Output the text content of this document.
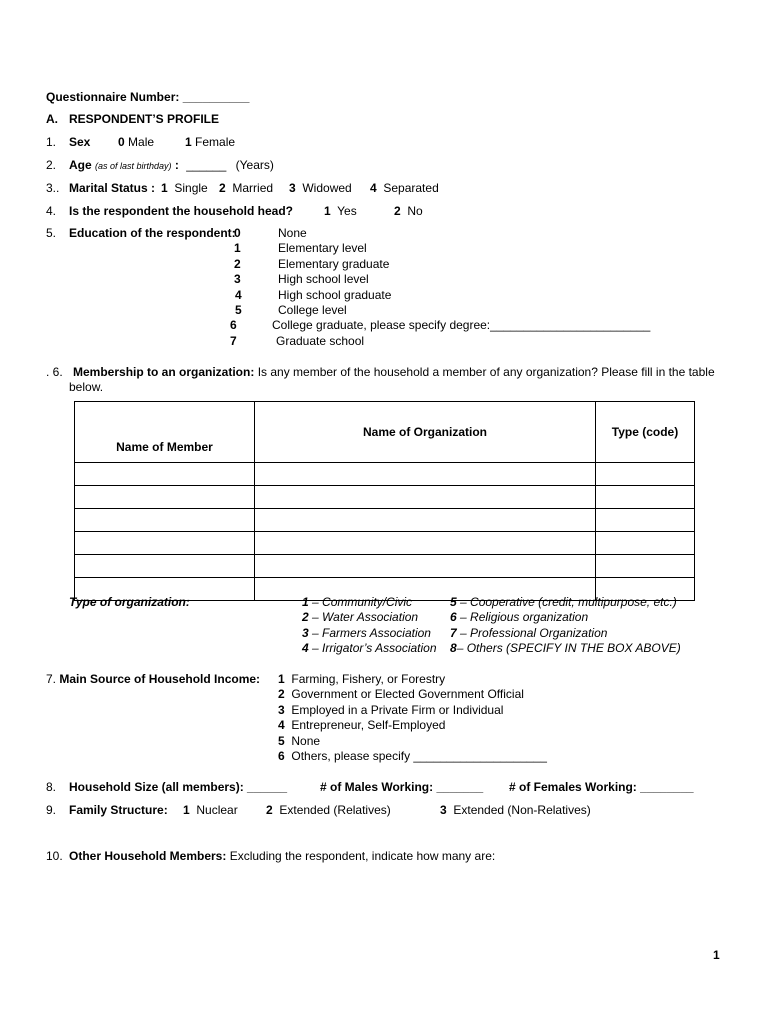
Questionnaire Number: __________
A. RESPONDENT’S PROFILE
1. Sex 0 Male	1 Female
2. Age (as of last birthday) : ______ (Years)
3.. Marital Status : 1 Single 2 Married 3 Widowed 4 Separated
4. Is the respondent the household head?	1 Yes	2 No
5. Education of the respondent:
0	None
1	Elementary level
2	Elementary graduate
3	High school level
4	High school graduate
5	College level
6	College graduate, please specify degree:________________________
7	Graduate school
. 6. Membership to an organization: Is any member of the household a member of any organization? Please fill in the table
below.
Name of Member	Name of Organization	Type (code)

Type of organization:	1 – Community/Civic
2 – Water Association
3 – Farmers Association
4 – Irrigator’s Association
5 – Cooperative (credit, multipurpose, etc.)
6 – Religious organization
7 – Professional Organization
8– Others (SPECIFY IN THE BOX ABOVE)
7. Main Source of Household Income: 1 Farming, Fishery, or Forestry
2 Government or Elected Government Official
3 Employed in a Private Firm or Individual
4 Entrepreneur, Self-Employed
5 None
6 Others, please specify ____________________
8. Household Size (all members): ______	# of Males Working: _______ # of Females Working: ________
9. Family Structure: 1 Nuclear 2 Extended (Relatives)	3 Extended (Non-Relatives)
10. Other Household Members: Excluding the respondent, indicate how many are:
1
